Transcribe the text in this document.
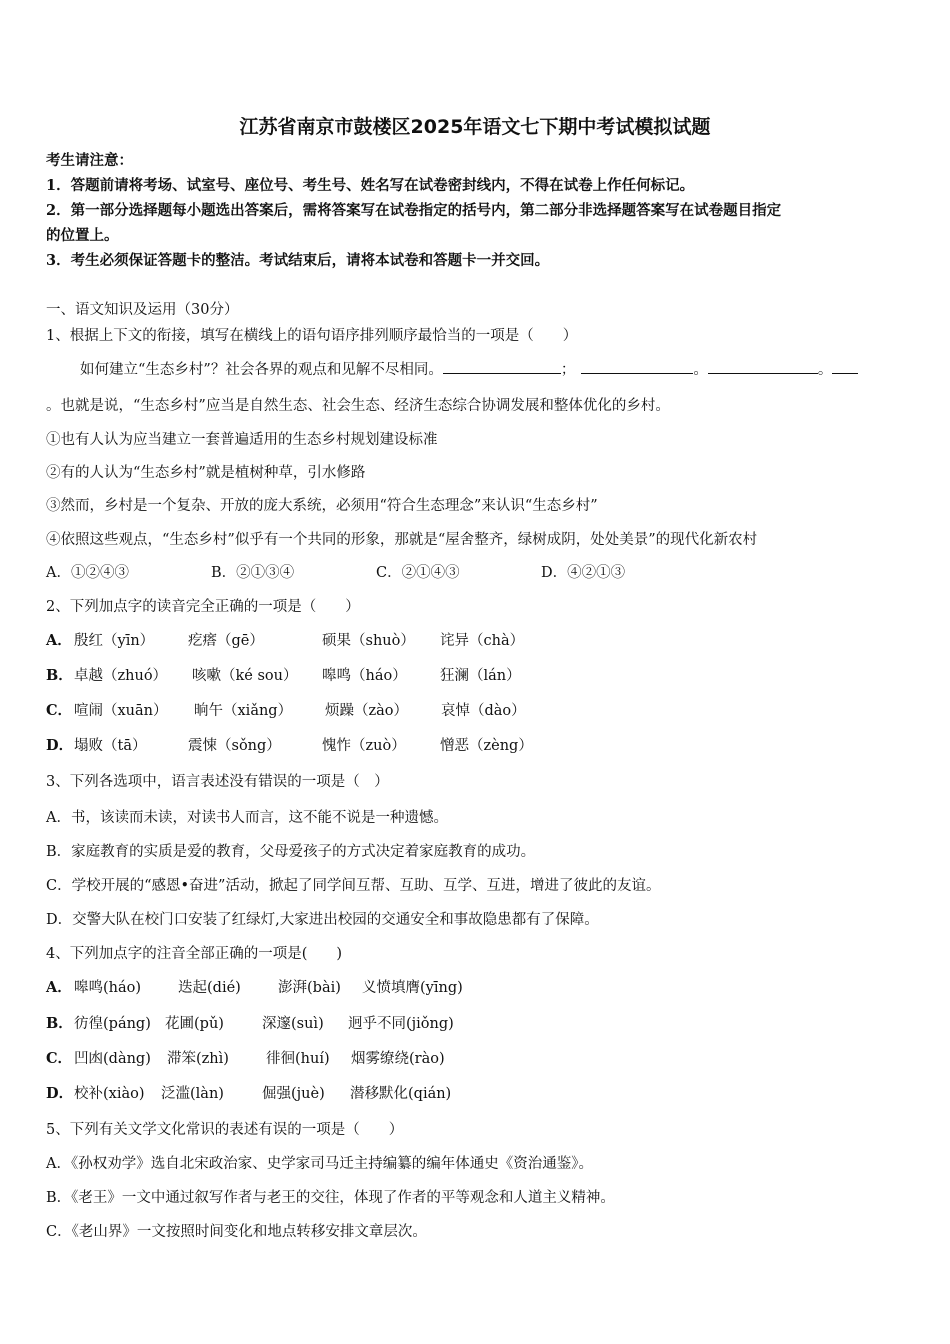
江苏省南京市鼓楼区2025年语文七下期中考试模拟试题
考生请注意：
1．答题前请将考场、试室号、座位号、考生号、姓名写在试卷密封线内，不得在试卷上作任何标记。
2．第一部分选择题每小题选出答案后，需将答案写在试卷指定的括号内，第二部分非选择题答案写在试卷题目指定
的位置上。
3．考生必须保证答题卡的整洁。考试结束后，请将本试卷和答题卡一并交回。
一、语文知识及运用（30分）
1、根据上下文的衔接，填写在横线上的语句语序排列顺序最恰当的一项是（　　）
如何建立“生态乡村”？社会各界的观点和见解不尽相同。	；	。	。
。也就是说，“生态乡村”应当是自然生态、社会生态、经济生态综合协调发展和整体优化的乡村。
①也有人认为应当建立一套普遍适用的生态乡村规划建设标准
②有的人认为“生态乡村”就是植树种草，引水修路
③然而，乡村是一个复杂、开放的庞大系统，必须用“符合生态理念”来认识“生态乡村”
④依照这些观点，“生态乡村”似乎有一个共同的形象，那就是“屋舍整齐，绿树成阴，处处美景”的现代化新农村
A．①②④③	B．②①③④	C．②①④③	D．④②①③
2、下列加点字的读音完全正确的一项是（　　）
A． 殷红（yīn） 疙瘩（gē）	硕果（shuò） 诧异（chà）
B． 卓越（zhuó） 咳嗽（ké sou） 嗥鸣（háo） 狂澜（lán）
C． 喧闹（xuān） 晌午（xiǎng） 烦躁（zào） 哀悼（dào）
D． 塌败（tā）	震悚（sǒng）	愧怍（zuò） 憎恶（zèng）
3、下列各选项中，语言表述没有错误的一项是（　）
A．书，该读而未读，对读书人而言，这不能不说是一种遗憾。
B．家庭教育的实质是爱的教育，父母爱孩子的方式决定着家庭教育的成功。
C．学校开展的“感恩•奋进”活动，掀起了同学间互帮、互助、互学、互进，增进了彼此的友谊。
D．交警大队在校门口安装了红绿灯,大家进出校园的交通安全和事故隐患都有了保障。
4、下列加点字的注音全部正确的一项是(　　)
A． 嗥鸣(háo)	迭起(dié)	澎湃(bài) 义愤填膺(yīng)
B． 彷徨(páng) 花圃(pǔ)	深邃(suì) 迥乎不同(jiǒng)
C． 凹凼(dàng) 滞笨(zhì)	徘徊(huí) 烟雾缭绕(rào)
D． 校补(xiào) 泛滥(làn)	倔强(juè) 潜移默化(qián)
5、下列有关文学文化常识的表述有误的一项是（　　）
A．《孙权劝学》选自北宋政治家、史学家司马迁主持编纂的编年体通史《资治通鉴》。
B．《老王》一文中通过叙写作者与老王的交往，体现了作者的平等观念和人道主义精神。
C．《老山界》一文按照时间变化和地点转移安排文章层次。
